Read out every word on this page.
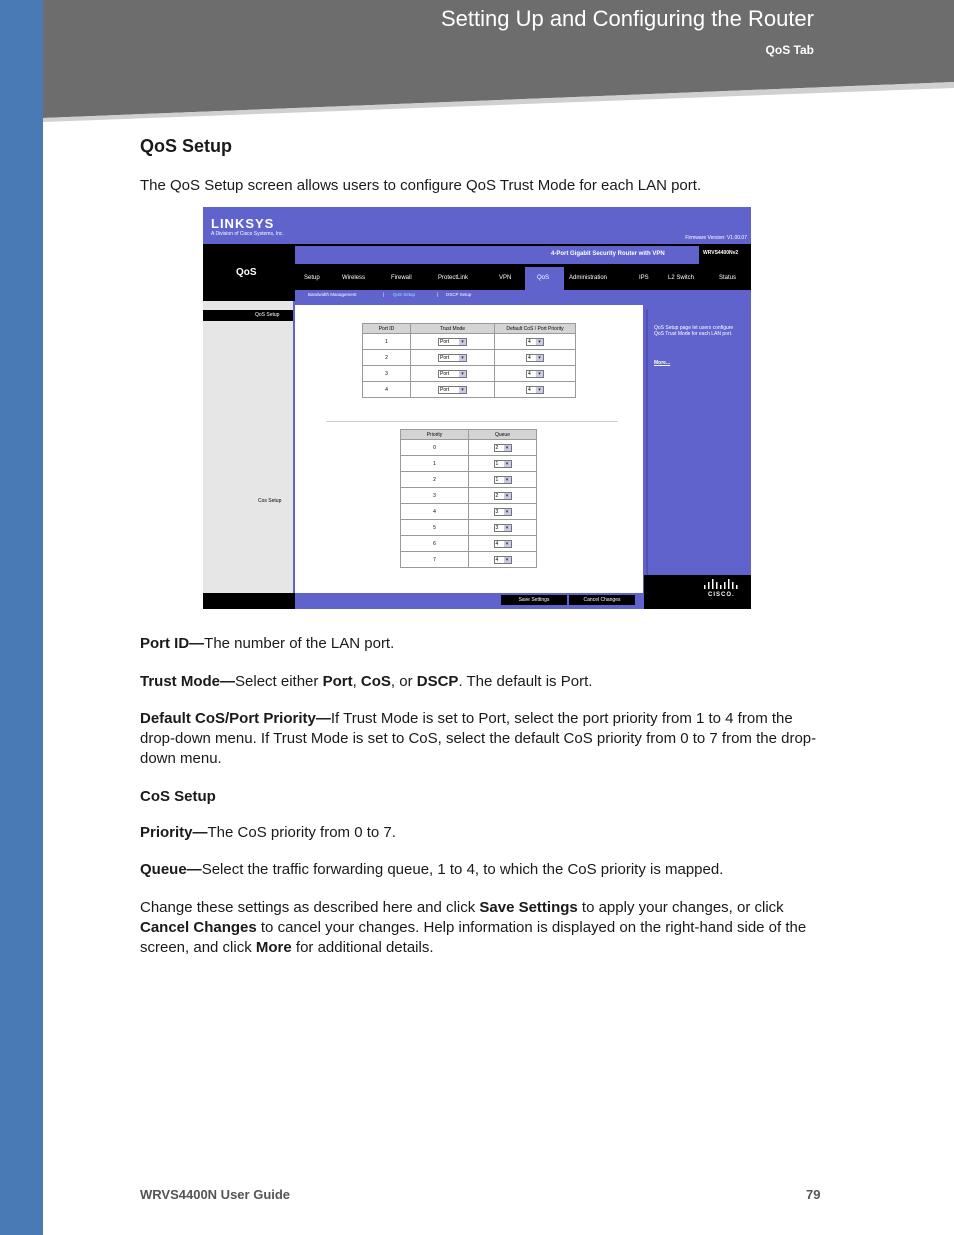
Setting Up and Configuring the Router
QoS Tab
QoS Setup
The QoS Setup screen allows users to configure QoS Trust Mode for each LAN port.
LINKSYS
A Division of Cisco Systems, Inc.
Firmware Version: V1.00.07
QoS
4-Port Gigabit Security Router with VPN	WRVS4400Nv2
Setup	Wireless	Firewall	ProtectLink	VPN	QoS	Administration	IPS	L2 Switch	Status
Bandwidth Management	| QoS Setup	| DSCP Setup
QoS Setup
Cos Setup
Port ID	Trust Mode	Default CoS / Port Priority
1	Port ▾	4 ▾

2	Port ▾	4 ▾

3	Port ▾	4 ▾

4	Port ▾	4 ▾
Priority	Queue
0	2 ▾

1	1 ▾

2	1 ▾

3	2 ▾

4	3 ▾

5	3 ▾

6	4 ▾

7	4 ▾
QoS Setup page let users configure QoS Trust Mode for each LAN port.
More...
CISCO.
Save Settings	Cancel Changes
Port ID—The number of the LAN port.
Trust Mode—Select either Port, CoS, or DSCP. The default is Port.
Default CoS/Port Priority—If Trust Mode is set to Port, select the port priority from 1 to 4 from the drop-down menu. If Trust Mode is set to CoS, select the default CoS priority from 0 to 7 from the drop-down menu.
CoS Setup
Priority—The CoS priority from 0 to 7.
Queue—Select the traffic forwarding queue, 1 to 4, to which the CoS priority is mapped.
Change these settings as described here and click Save Settings to apply your changes, or click Cancel Changes to cancel your changes. Help information is displayed on the right-hand side of the screen, and click More for additional details.
WRVS4400N User Guide	79
